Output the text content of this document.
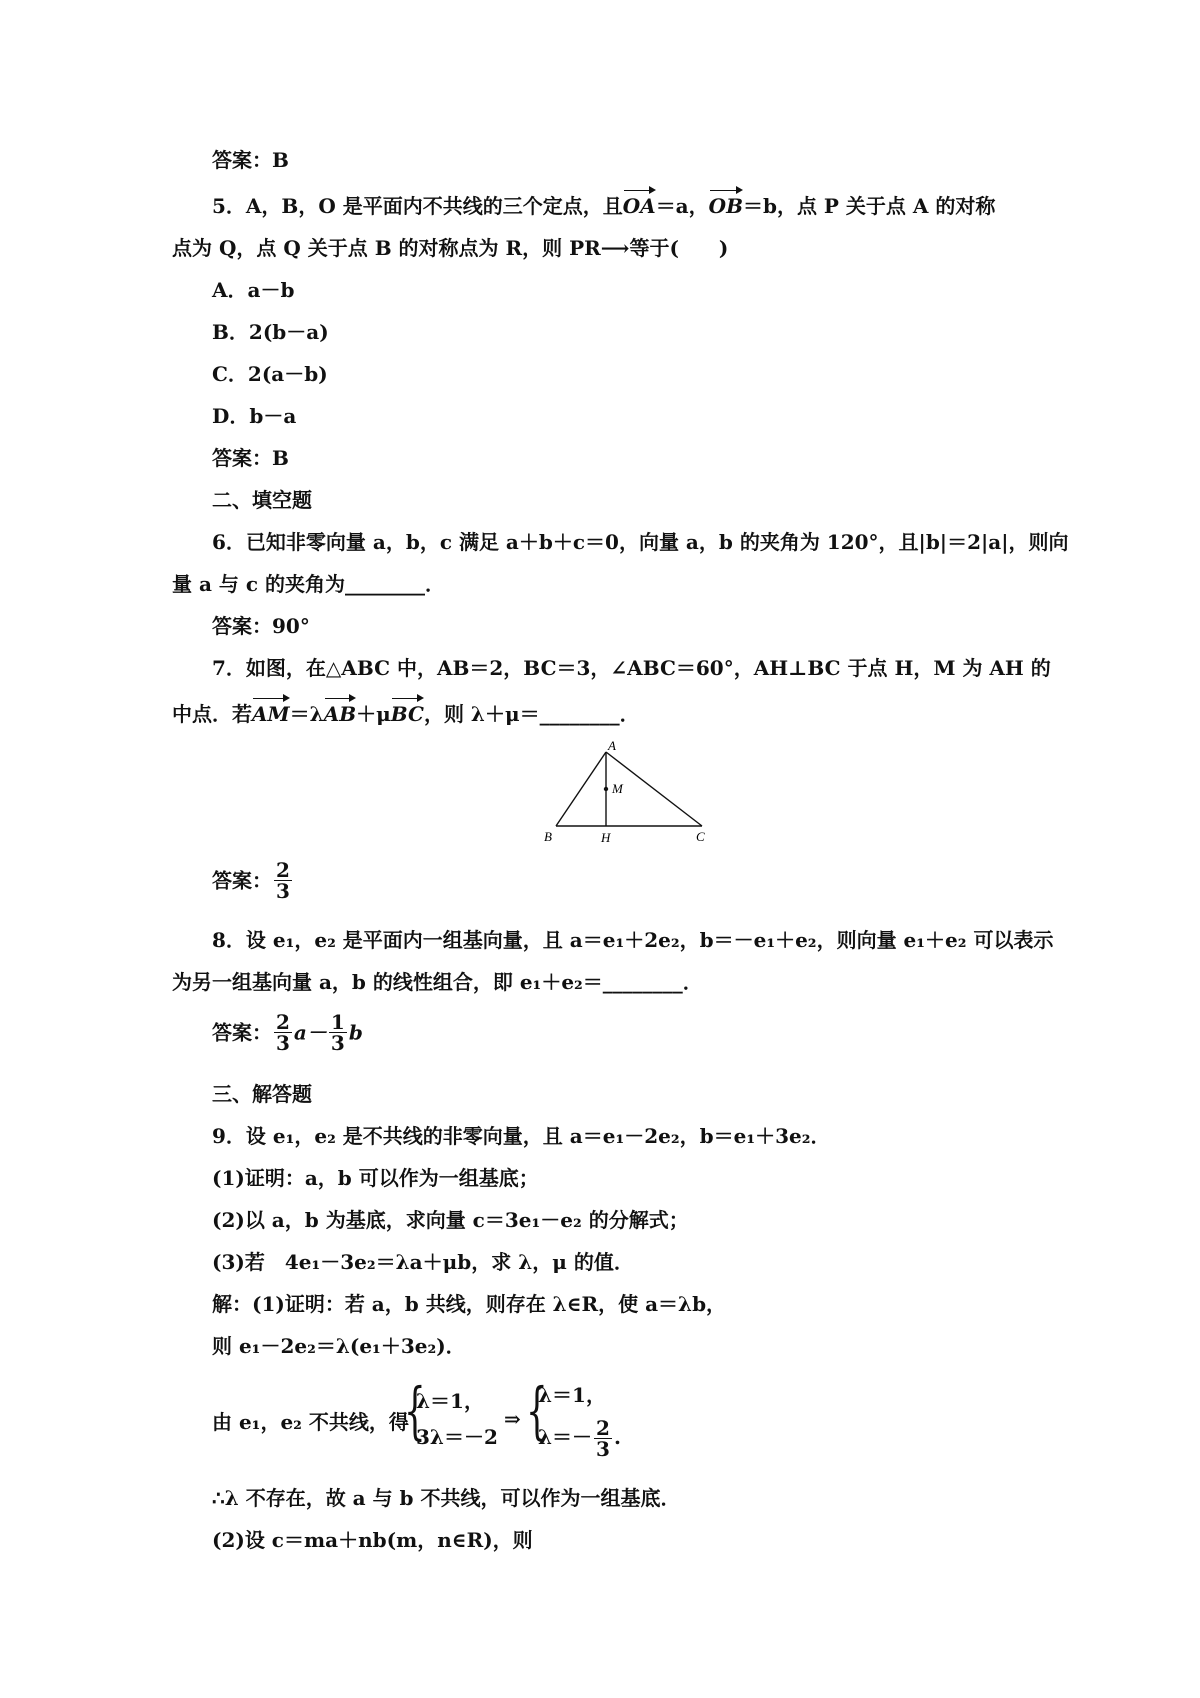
答案：B
5．A，B，O 是平面内不共线的三个定点，且OA＝a，OB＝b，点 P 关于点 A 的对称
点为 Q，点 Q 关于点 B 的对称点为 R，则 PR⟶等于(　　)
A．a－b
B．2(b－a)
C．2(a－b)
D．b－a
答案：B
二、填空题
6．已知非零向量 a，b，c 满足 a＋b＋c＝0，向量 a，b 的夹角为 120°，且|b|＝2|a|，则向
量 a 与 c 的夹角为________．
答案：90°
7．如图，在△ABC 中，AB＝2，BC＝3，∠ABC＝60°，AH⊥BC 于点 H，M 为 AH 的
中点．若AM＝λAB＋μBC，则 λ＋μ＝________．
A
B	C
H
M
答案： $\frac{2}{3}$
8．设 e₁，e₂ 是平面内一组基向量，且 a＝e₁＋2e₂，b＝－e₁＋e₂，则向量 e₁＋e₂ 可以表示
为另一组基向量 a，b 的线性组合，即 e₁＋e₂＝________．
答案： $\frac{2}{3} a- \frac{1}{3}$ b
三、解答题
9．设 e₁，e₂ 是不共线的非零向量，且 a＝e₁－2e₂，b＝e₁＋3e₂．
(1)证明：a，b 可以作为一组基底；
(2)以 a，b 为基底，求向量 c＝3e₁－e₂ 的分解式；
(3)若　4e₁－3e₂＝λa＋μb，求 λ，μ 的值．
解：(1)证明：若 a，b 共线，则存在 λ∈R，使 a＝λb，
则 e₁－2e₂＝λ(e₁＋3e₂)．
由 e₁，e₂ 不共线，得
{
λ＝1，
3λ＝－2
⇒ {
λ＝1，
$\lambda=- \frac{2}{3}$ .
∴λ 不存在，故 a 与 b 不共线，可以作为一组基底．
(2)设 c＝ma＋nb(m，n∈R)，则
